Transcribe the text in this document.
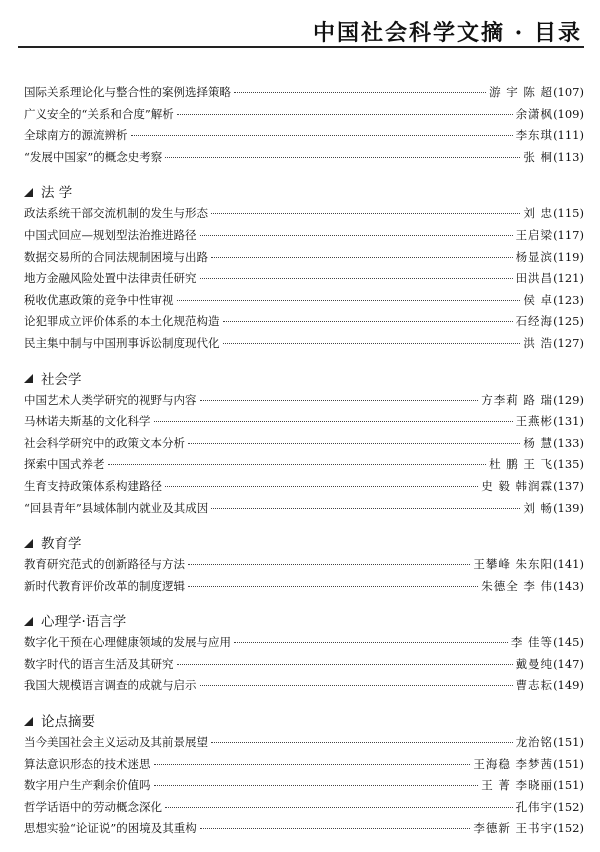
中国社会科学文摘 · 目录
国际关系理论化与整合性的案例选择策略	游 宇 陈 超 (107)
广义安全的“关系和合度”解析	余潇枫 (109)
全球南方的源流辨析	李东琪 (111)
“发展中国家”的概念史考察	张 桐 (113)
法 学
政法系统干部交流机制的发生与形态	刘 忠 (115)
中国式回应—规划型法治推进路径	王启梁 (117)
数据交易所的合同法规制困境与出路	杨显滨 (119)
地方金融风险处置中法律责任研究	田洪昌 (121)
税收优惠政策的竞争中性审视	侯 卓 (123)
论犯罪成立评价体系的本土化规范构造	石经海 (125)
民主集中制与中国刑事诉讼制度现代化	洪 浩 (127)
社会学
中国艺术人类学研究的视野与内容	方李莉 路 瑞 (129)
马林诺夫斯基的文化科学	王燕彬 (131)
社会科学研究中的政策文本分析	杨 慧 (133)
探索中国式养老	杜 鹏 王 飞 (135)
生育支持政策体系构建路径	史 毅 韩润霖 (137)
“回县青年”县域体制内就业及其成因	刘 畅 (139)
教育学
教育研究范式的创新路径与方法	王攀峰 朱东阳 (141)
新时代教育评价改革的制度逻辑	朱德全 李 伟 (143)
心理学·语言学
数字化干预在心理健康领域的发展与应用	李 佳等 (145)
数字时代的语言生活及其研究	戴曼纯 (147)
我国大规模语言调查的成就与启示	曹志耘 (149)
论点摘要
当今美国社会主义运动及其前景展望	龙治铭 (151)
算法意识形态的技术迷思	王海稳 李梦茜 (151)
数字用户生产剩余价值吗	王 菁 李晓丽 (151)
哲学话语中的劳动概念深化	孔伟宇 (152)
思想实验“论证说”的困境及其重构	李德新 王书宇 (152)
